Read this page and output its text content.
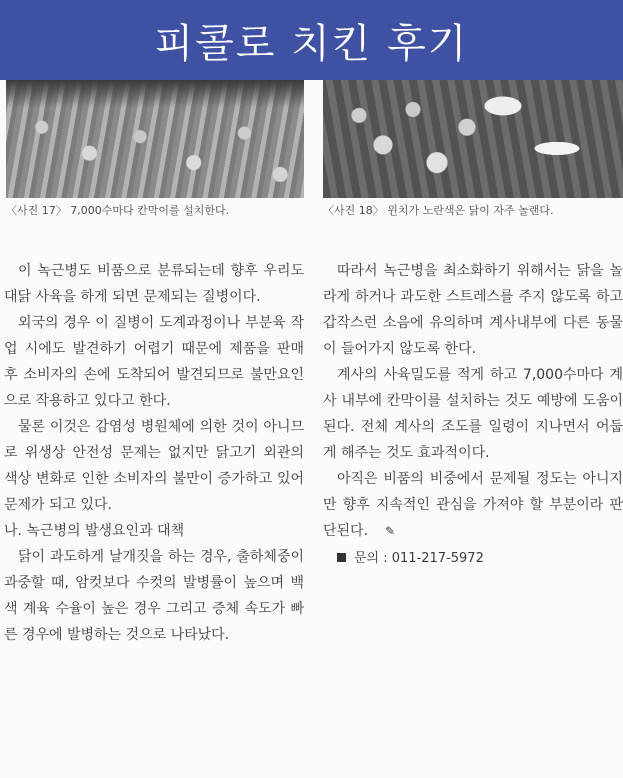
피콜로 치킨 후기
〈사진 17〉 7,000수마다 칸막이를 설치한다.	〈사진 18〉 윈치가 노란색은 닭이 자주 놀랜다.

이 녹근병도 비품으로 분류되는데 향후 우리도 대닭 사육을 하게 되면 문제되는 질병이다.

외국의 경우 이 질병이 도계과정이나 부분육 작업 시에도 발견하기 어렵기 때문에 제품을 판매 후 소비자의 손에 도착되어 발견되므로 불만요인으로 작용하고 있다고 한다.

물론 이것은 감염성 병원체에 의한 것이 아니므로 위생상 안전성 문제는 없지만 닭고기 외관의 색상 변화로 인한 소비자의 불만이 증가하고 있어 문제가 되고 있다.

나. 녹근병의 발생요인과 대책

닭이 과도하게 날개짓을 하는 경우, 출하체중이 과중할 때, 암컷보다 수컷의 발병률이 높으며 백색 계육 수율이 높은 경우 그리고 증체 속도가 빠른 경우에 발병하는 것으로 나타났다.

따라서 녹근병을 최소화하기 위해서는 닭을 놀라게 하거나 과도한 스트레스를 주지 않도록 하고 갑작스런 소음에 유의하며 계사내부에 다른 동물이 들어가지 않도록 한다.

계사의 사육밀도를 적게 하고 7,000수마다 계사 내부에 칸막이를 설치하는 것도 예방에 도움이 된다. 전체 계사의 조도를 일령이 지나면서 어둡게 해주는 것도 효과적이다.

아직은 비품의 비중에서 문제될 정도는 아니지만 향후 지속적인 관심을 가져야 할 부분이라 판단된다. ✎

문의 : 011-217-5972
